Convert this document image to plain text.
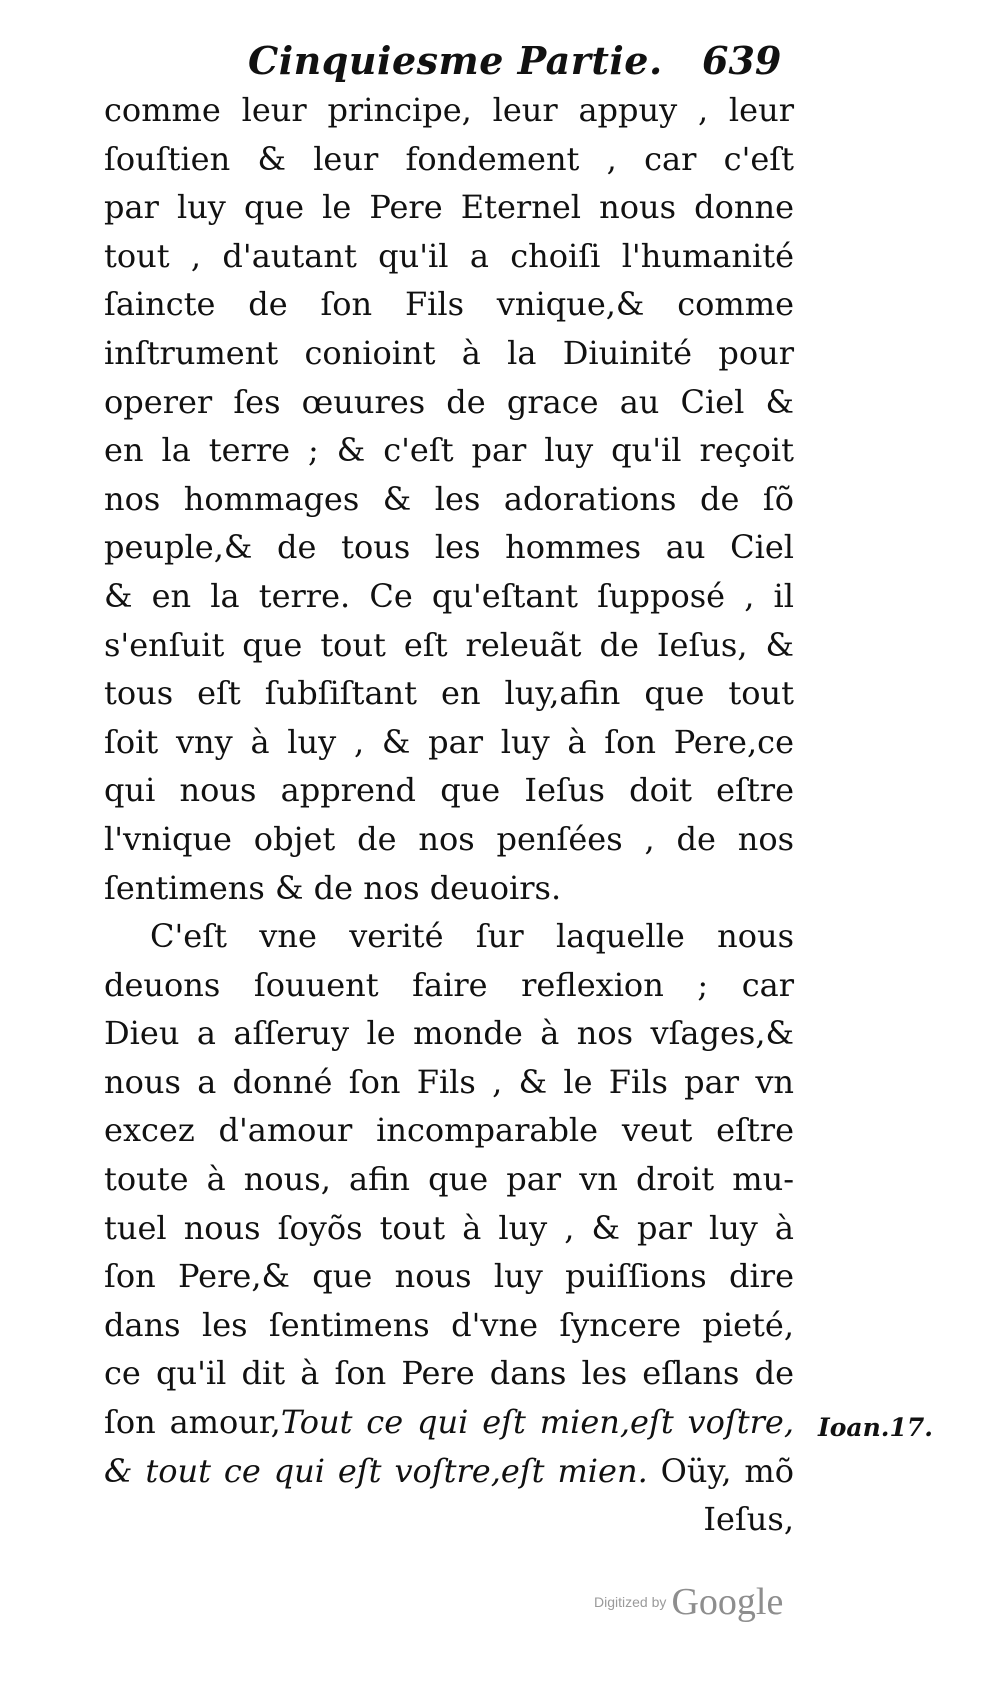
Cinquiesme Partie. 639
comme leur principe, leur appuy , leur
ſouſtien & leur fondement , car c'eſt
par luy que le Pere Eternel nous donne
tout , d'autant qu'il a choiſi l'humanité
ſaincte de ſon Fils vnique,& comme
inſtrument conioint à la Diuinité pour
operer ſes œuures de grace au Ciel &
en la terre ; & c'eſt par luy qu'il reçoit
nos hommages & les adorations de ſõ
peuple,& de tous les hommes au Ciel
& en la terre. Ce qu'eſtant ſupposé , il
s'enſuit que tout eſt releuãt de Ieſus, &
tous eſt ſubſiſtant en luy,afin que tout
ſoit vny à luy , & par luy à ſon Pere,ce
qui nous apprend que Ieſus doit eſtre
l'vnique objet de nos penſées , de nos
ſentimens & de nos deuoirs.
C'eſt vne verité ſur laquelle nous
deuons ſouuent faire reflexion ; car
Dieu a aſſeruy le monde à nos vſages,&
nous a donné ſon Fils , & le Fils par vn
excez d'amour incomparable veut eſtre
toute à nous, afin que par vn droit mu-
tuel nous ſoyõs tout à luy , & par luy à
ſon Pere,& que nous luy puiſſions dire
dans les ſentimens d'vne ſyncere pieté,
ce qu'il dit à ſon Pere dans les eſlans de
ſon amour,Tout ce qui eſt mien,eſt voſtre,
& tout ce qui eſt voſtre,eſt mien. Oüy, mõ
Ieſus,
Ioan.17.
Digitized by Google
